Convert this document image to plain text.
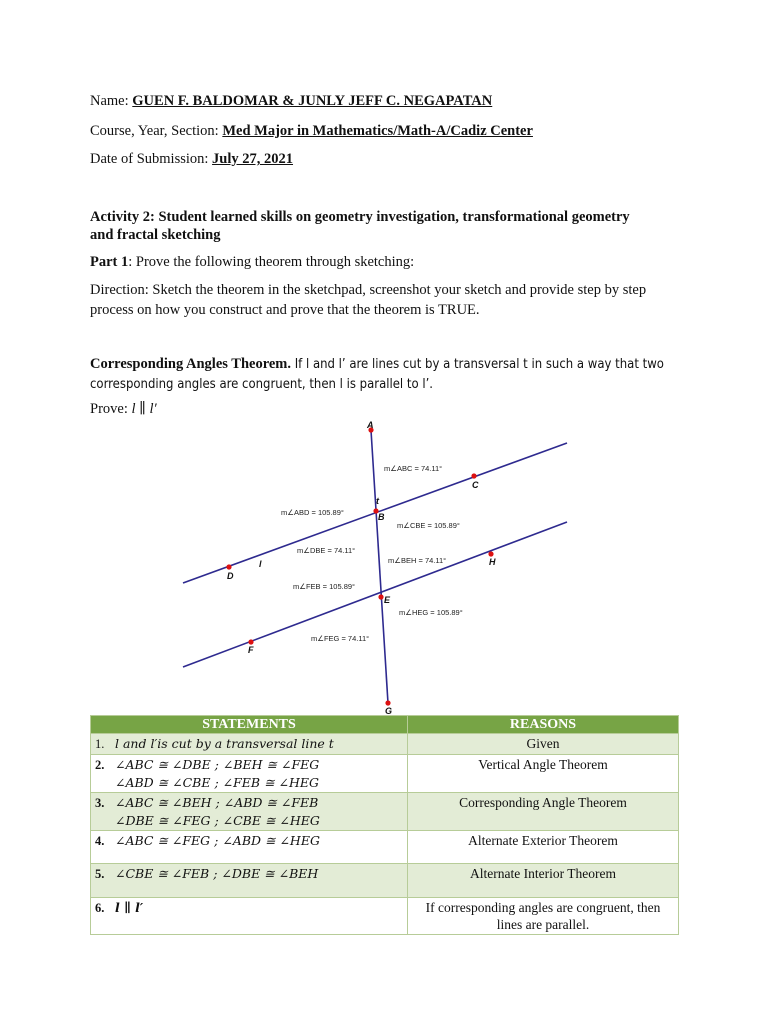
Name: GUEN F. BALDOMAR & JUNLY JEFF C. NEGAPATAN
Course, Year, Section: Med Major in Mathematics/Math-A/Cadiz Center
Date of Submission: July 27, 2021
Activity 2: Student learned skills on geometry investigation, transformational geometry
and fractal sketching
Part 1: Prove the following theorem through sketching:
Direction: Sketch the theorem in the sketchpad, screenshot your sketch and provide step by step process on how you construct and prove that the theorem is TRUE.
Corresponding Angles Theorem. If l and l’ are lines cut by a transversal t in such a way that two corresponding angles are congruent, then l is parallel to l’.
Prove: l ∥ l′
A
B
C
D
E
F
G
H
l
t
m∠ABC = 74.11°
m∠ABD = 105.89°
m∠CBE = 105.89°
m∠DBE = 74.11°
m∠BEH = 74.11°
m∠FEB = 105.89°
m∠HEG = 105.89°
m∠FEG = 74.11°
STATEMENTS	REASONS
1. l and l′is cut by a transversal line t	Given
2. ∠ABC ≅ ∠DBE ; ∠BEH ≅ ∠FEG
∠ABD ≅ ∠CBE ; ∠FEB ≅ ∠HEG	Vertical Angle Theorem
3. ∠ABC ≅ ∠BEH ; ∠ABD ≅ ∠FEB
∠DBE ≅ ∠FEG ; ∠CBE ≅ ∠HEG	Corresponding Angle Theorem
4. ∠ABC ≅ ∠FEG ; ∠ABD ≅ ∠HEG	Alternate Exterior Theorem
5. ∠CBE ≅ ∠FEB ; ∠DBE ≅ ∠BEH	Alternate Interior Theorem
6. l ∥ l′	If corresponding angles are congruent, then lines are parallel.
